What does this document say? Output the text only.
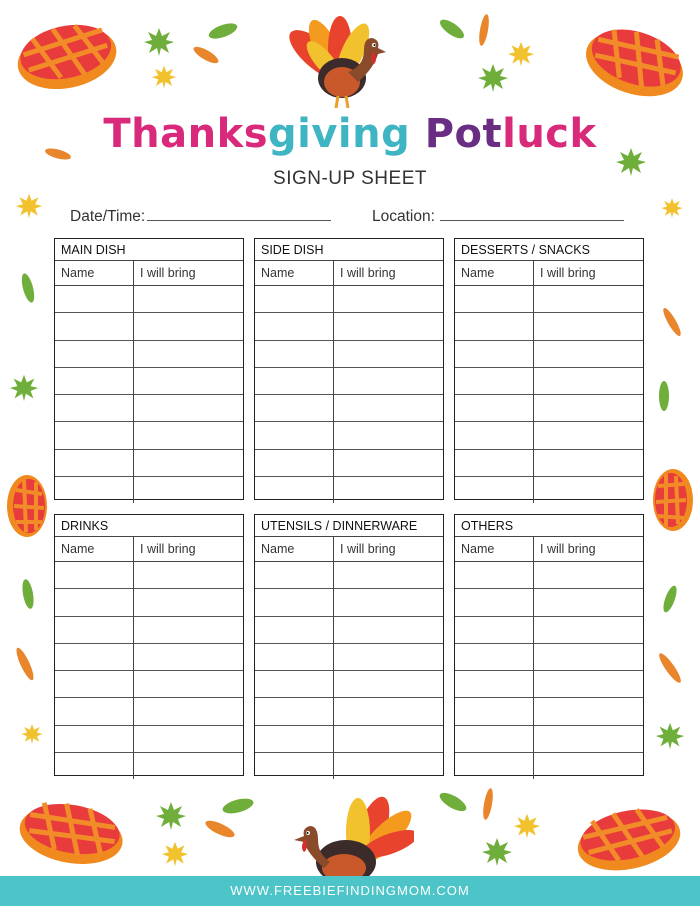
Thanksgiving Potluck
SIGN-UP SHEET
Date/Time:	Location:
MAIN DISH
Name	I will bring

SIDE DISH
Name	I will bring

DESSERTS / SNACKS
Name	I will bring

DRINKS
Name	I will bring

UTENSILS / DINNERWARE
Name	I will bring

OTHERS
Name	I will bring

WWW.FREEBIEFINDINGMOM.COM
